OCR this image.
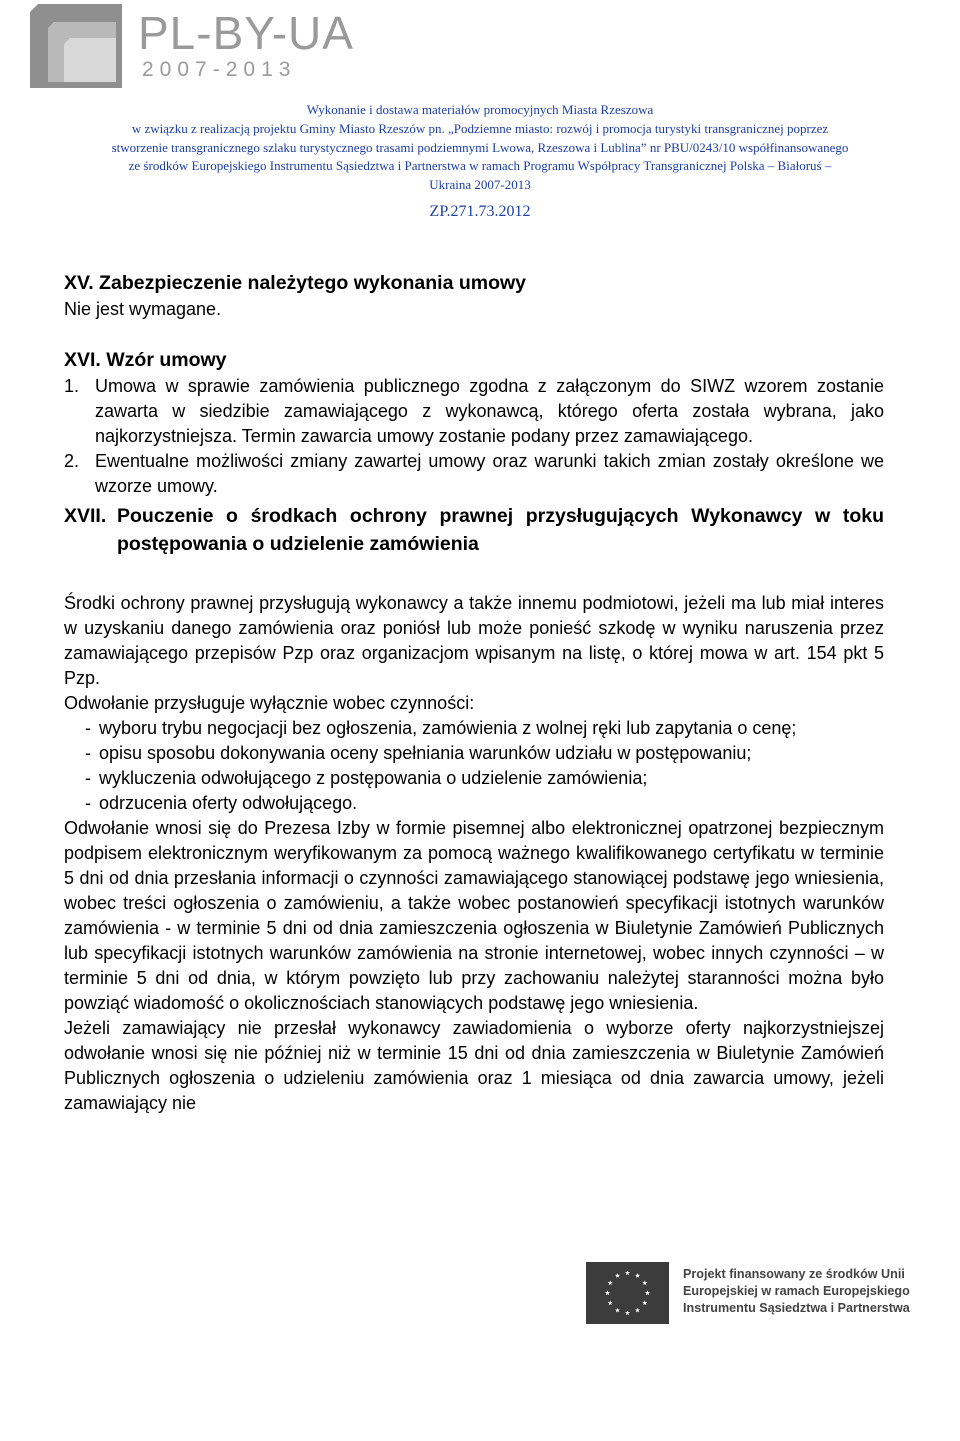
PL-BY-UA
2007-2013
Wykonanie i dostawa materiałów promocyjnych Miasta Rzeszowa
w związku z realizacją projektu Gminy Miasto Rzeszów pn. „Podziemne miasto: rozwój i promocja turystyki transgranicznej poprzez
stworzenie transgranicznego szlaku turystycznego trasami podziemnymi Lwowa, Rzeszowa i Lublina” nr PBU/0243/10 współfinansowanego
ze środków Europejskiego Instrumentu Sąsiedztwa i Partnerstwa w ramach Programu Współpracy Transgranicznej Polska – Białoruś –
Ukraina 2007-2013
ZP.271.73.2012

XV. Zabezpieczenie należytego wykonania umowy

Nie jest wymagane.

XVI. Wzór umowy

1. Umowa w sprawie zamówienia publicznego zgodna z załączonym do SIWZ wzorem zostanie zawarta w siedzibie zamawiającego z wykonawcą, którego oferta została wybrana, jako najkorzystniejsza. Termin zawarcia umowy zostanie podany przez zamawiającego.
2. Ewentualne możliwości zmiany zawartej umowy oraz warunki takich zmian zostały określone we wzorze umowy.
XVII. Pouczenie o środkach ochrony prawnej przysługujących Wykonawcy w toku postępowania o udzielenie zamówienia

Środki ochrony prawnej przysługują wykonawcy a także innemu podmiotowi, jeżeli ma lub miał interes w uzyskaniu danego zamówienia oraz poniósł lub może ponieść szkodę w wyniku naruszenia przez zamawiającego przepisów Pzp oraz organizacjom wpisanym na listę, o której mowa w art. 154 pkt 5 Pzp.

Odwołanie przysługuje wyłącznie wobec czynności:

- wyboru trybu negocjacji bez ogłoszenia, zamówienia z wolnej ręki lub zapytania o cenę;
- opisu sposobu dokonywania oceny spełniania warunków udziału w postępowaniu;
- wykluczenia odwołującego z postępowania o udzielenie zamówienia;
- odrzucenia oferty odwołującego.

Odwołanie wnosi się do Prezesa Izby w formie pisemnej albo elektronicznej opatrzonej bezpiecznym podpisem elektronicznym weryfikowanym za pomocą ważnego kwalifikowanego certyfikatu w terminie 5 dni od dnia przesłania informacji o czynności zamawiającego stanowiącej podstawę jego wniesienia, wobec treści ogłoszenia o zamówieniu, a także wobec postanowień specyfikacji istotnych warunków zamówienia - w terminie 5 dni od dnia zamieszczenia ogłoszenia w Biuletynie Zamówień Publicznych lub specyfikacji istotnych warunków zamówienia na stronie internetowej, wobec innych czynności – w terminie 5 dni od dnia, w którym powzięto lub przy zachowaniu należytej staranności można było powziąć wiadomość o okolicznościach stanowiących podstawę jego wniesienia.

Jeżeli zamawiający nie przesłał wykonawcy zawiadomienia o wyborze oferty najkorzystniejszej odwołanie wnosi się nie później niż w terminie 15 dni od dnia zamieszczenia w Biuletynie Zamówień Publicznych ogłoszenia o udzieleniu zamówienia oraz 1 miesiąca od dnia zawarcia umowy, jeżeli zamawiający nie

Projekt finansowany ze środków Unii
Europejskiej w ramach Europejskiego
Instrumentu Sąsiedztwa i Partnerstwa
